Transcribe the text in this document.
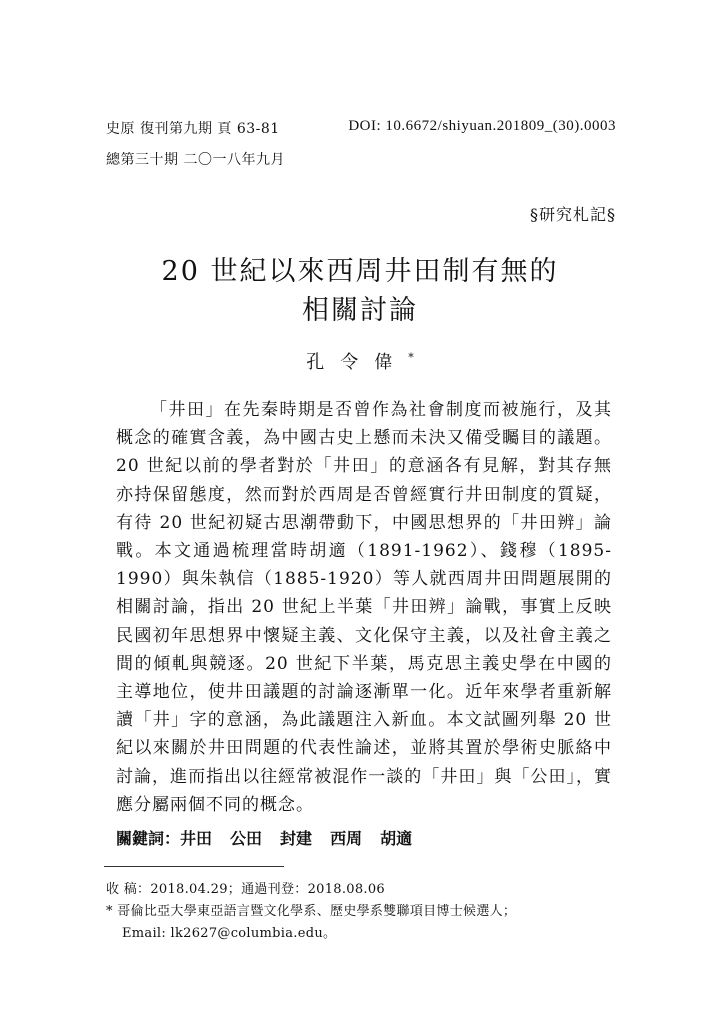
史原 復刊第九期 頁 63-81	DOI: 10.6672/shiyuan.201809_(30).0003
總第三十期 二〇一八年九月
§研究札記§
20 世紀以來西周井田制有無的
相關討論
孔令偉*
「井田」在先秦時期是否曾作為社會制度而被施行，及其概念的確實含義，為中國古史上懸而未決又備受矚目的議題。20 世紀以前的學者對於「井田」的意涵各有見解，對其存無亦持保留態度，然而對於西周是否曾經實行井田制度的質疑，有待 20 世紀初疑古思潮帶動下，中國思想界的「井田辨」論戰。本文通過梳理當時胡適（1891-1962）、錢穆（1895-1990）與朱執信（1885-1920）等人就西周井田問題展開的相關討論，指出 20 世紀上半葉「井田辨」論戰，事實上反映民國初年思想界中懷疑主義、文化保守主義，以及社會主義之間的傾軋與競逐。20 世紀下半葉，馬克思主義史學在中國的主導地位，使井田議題的討論逐漸單一化。近年來學者重新解讀「井」字的意涵，為此議題注入新血。本文試圖列舉 20 世紀以來關於井田問題的代表性論述，並將其置於學術史脈絡中討論，進而指出以往經常被混作一談的「井田」與「公田」，實應分屬兩個不同的概念。
關鍵詞： 井田 公田 封建 西周 胡適
收 稿：2018.04.29；通過刊登：2018.08.06
* 哥倫比亞大學東亞語言暨文化學系、歷史學系雙聯項目博士候選人；
Email: lk2627@columbia.edu。
